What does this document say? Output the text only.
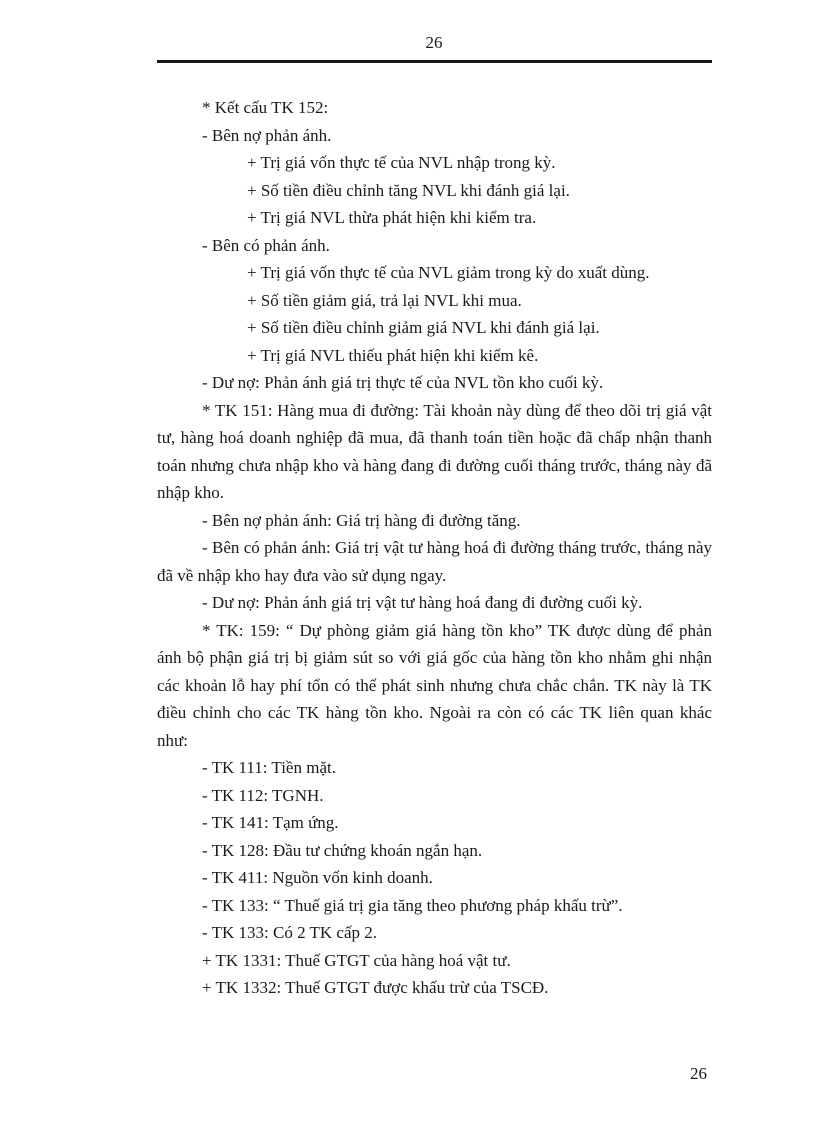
26
* Kết cấu TK 152:
- Bên nợ phản ánh.
+ Trị giá vốn thực tế của NVL nhập trong kỳ.
+ Số tiền điều chỉnh tăng NVL khi đánh giá lại.
+ Trị giá NVL thừa phát hiện khi kiểm tra.
- Bên có phản ánh.
+ Trị giá vốn thực tế của NVL giảm trong kỳ do xuất dùng.
+ Số tiền giảm giá, trả lại NVL khi mua.
+ Số tiền điều chỉnh giảm giá NVL khi đánh giá lại.
+ Trị giá NVL thiếu phát hiện khi kiểm kê.
- Dư nợ: Phản ánh giá trị thực tế của NVL tồn kho cuối kỳ.
* TK 151: Hàng mua đi đường: Tài khoản này dùng để theo dõi trị giá vật tư, hàng hoá doanh nghiệp đã mua, đã thanh toán tiền hoặc đã chấp nhận thanh toán nhưng chưa nhập kho và hàng đang đi đường cuối tháng trước, tháng này đã nhập kho.
- Bên nợ phản ánh: Giá trị hàng đi đường tăng.
- Bên có phản ánh: Giá trị vật tư hàng hoá đi đường tháng trước, tháng này đã về nhập kho hay đưa vào sử dụng ngay.
- Dư nợ: Phản ánh giá trị vật tư hàng hoá đang đi đường cuối kỳ.
* TK: 159: “ Dự phòng giảm giá hàng tồn kho” TK được dùng để phản ánh bộ phận giá trị bị giảm sút so với giá gốc của hàng tồn kho nhằm ghi nhận các khoản lỗ hay phí tổn có thể phát sinh nhưng chưa chắc chắn. TK này là TK điều chỉnh cho các TK hàng tồn kho. Ngoài ra còn có các TK liên quan khác như:
- TK 111: Tiền mặt.
- TK 112: TGNH.
- TK 141: Tạm ứng.
- TK 128: Đầu tư chứng khoán ngắn hạn.
- TK 411: Nguồn vốn kinh doanh.
- TK 133: “ Thuế giá trị gia tăng theo phương pháp khấu trừ”.
- TK 133: Có 2 TK cấp 2.
+ TK 1331: Thuế GTGT của hàng hoá vật tư.
+ TK 1332: Thuế GTGT được khấu trừ của TSCĐ.
26
